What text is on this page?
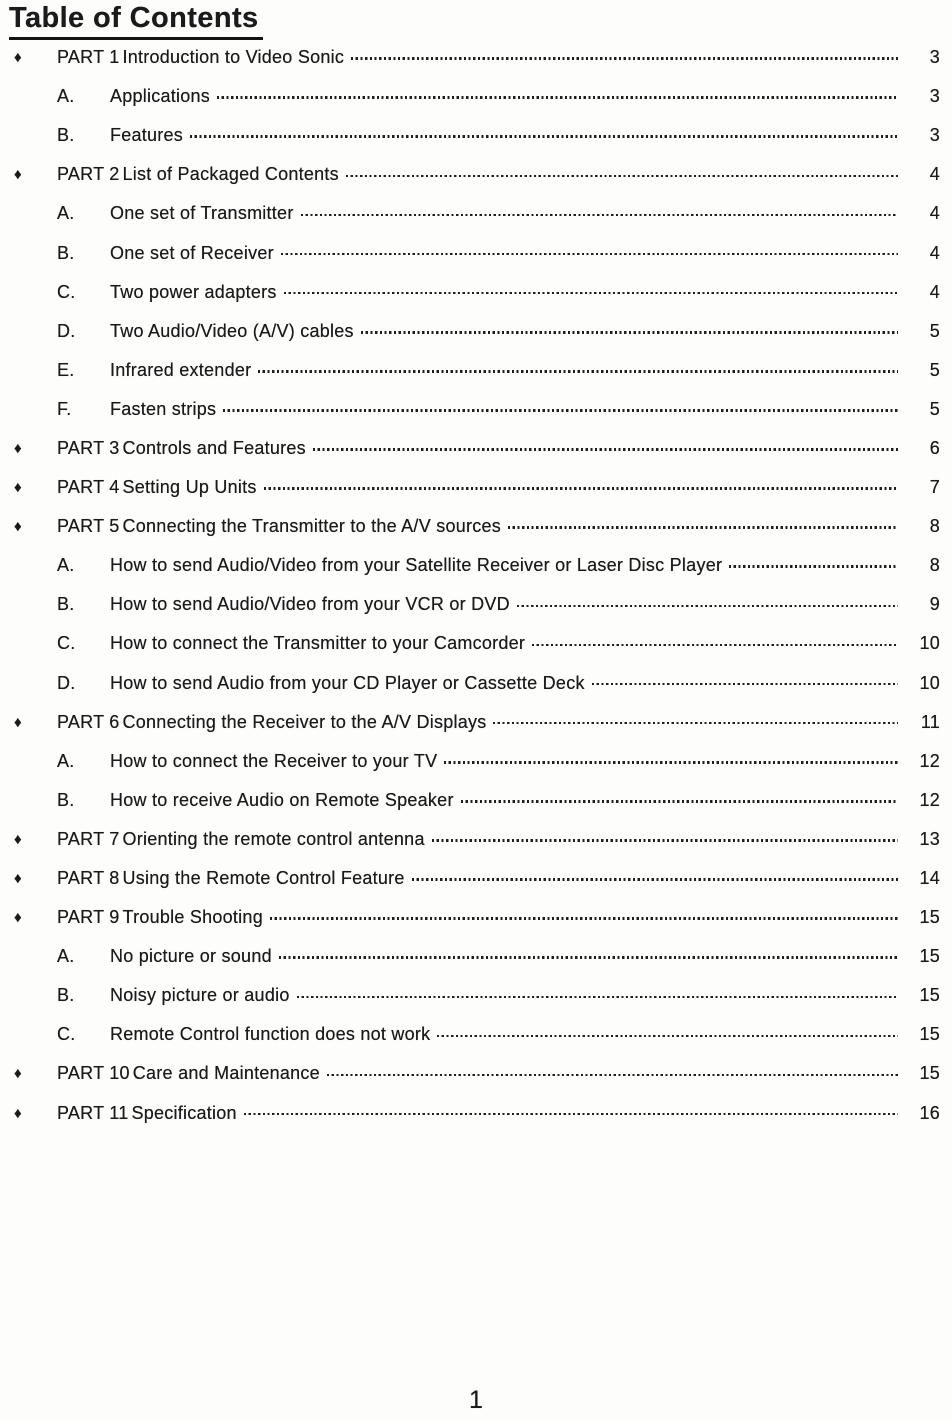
Table of Contents
♦	PART 1 Introduction to Video Sonic	3
A.	Applications	3
B.	Features	3
♦	PART 2 List of Packaged Contents	4
A.	One set of Transmitter	4
B.	One set of Receiver	4
C.	Two power adapters	4
D.	Two Audio/Video (A/V) cables	5
E.	Infrared extender	5
F.	Fasten strips	5
♦	PART 3 Controls and Features	6
♦	PART 4 Setting Up Units	7
♦	PART 5 Connecting the Transmitter to the A/V sources	8
A.	How to send Audio/Video from your Satellite Receiver or Laser Disc Player	8
B.	How to send Audio/Video from your VCR or DVD	9
C.	How to connect the Transmitter to your Camcorder	10
D.	How to send Audio from your CD Player or Cassette Deck	10
♦	PART 6 Connecting the Receiver to the A/V Displays	11
A.	How to connect the Receiver to your TV	12
B.	How to receive Audio on Remote Speaker	12
♦	PART 7 Orienting the remote control antenna	13
♦	PART 8 Using the Remote Control Feature	14
♦	PART 9 Trouble Shooting	15
A.	No picture or sound	15
B.	Noisy picture or audio	15
C.	Remote Control function does not work	15
♦	PART 10 Care and Maintenance	15
♦	PART 11 Specification	16
1
